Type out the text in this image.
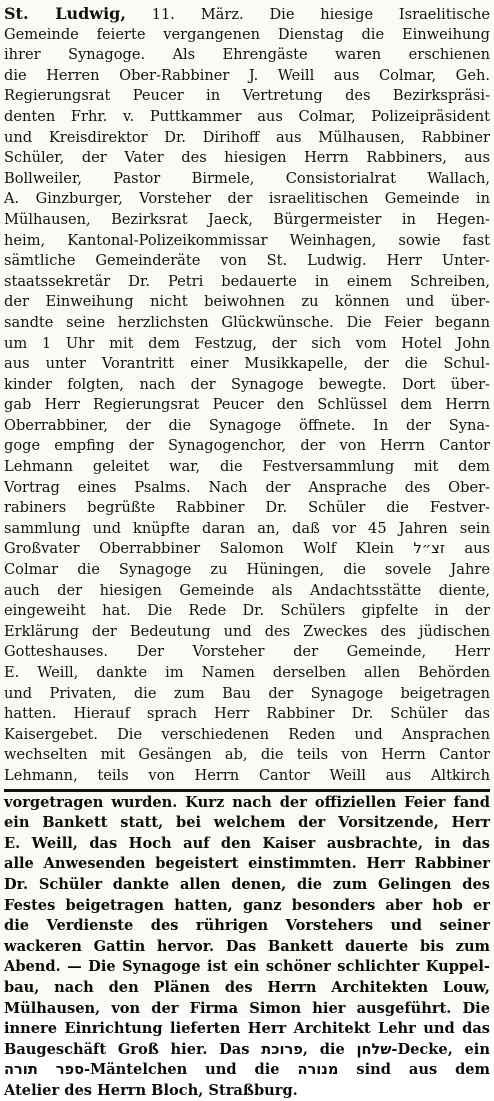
St. Ludwig, 11. März. Die hiesige Israelitische
Gemeinde feierte vergangenen Dienstag die Einweihung
ihrer Synagoge. Als Ehrengäste waren erschienen
die Herren Ober-Rabbiner J. Weill aus Colmar, Geh.
Regierungsrat Peucer in Vertretung des Bezirkspräsi-
denten Frhr. v. Puttkammer aus Colmar, Polizeipräsident
und Kreisdirektor Dr. Dirihoff aus Mülhausen, Rabbiner
Schüler, der Vater des hiesigen Herrn Rabbiners, aus
Bollweiler, Pastor Birmele, Consistorialrat Wallach,
A. Ginzburger, Vorsteher der israelitischen Gemeinde in
Mülhausen, Bezirksrat Jaeck, Bürgermeister in Hegen-
heim, Kantonal-Polizeikommissar Weinhagen, sowie fast
sämtliche Gemeinderäte von St. Ludwig. Herr Unter-
staatssekretär Dr. Petri bedauerte in einem Schreiben,
der Einweihung nicht beiwohnen zu können und über-
sandte seine herzlichsten Glückwünsche. Die Feier begann
um 1 Uhr mit dem Festzug, der sich vom Hotel John
aus unter Vorantritt einer Musikkapelle, der die Schul-
kinder folgten, nach der Synagoge bewegte. Dort über-
gab Herr Regierungsrat Peucer den Schlüssel dem Herrn
Oberrabbiner, der die Synagoge öffnete. In der Syna-
goge empfing der Synagogenchor, der von Herrn Cantor
Lehmann geleitet war, die Festversammlung mit dem
Vortrag eines Psalms. Nach der Ansprache des Ober-
rabiners begrüßte Rabbiner Dr. Schüler die Festver-
sammlung und knüpfte daran an, daß vor 45 Jahren sein
Großvater Oberrabbiner Salomon Wolf Klein זצ״ל aus
Colmar die Synagoge zu Hüningen, die sovele Jahre
auch der hiesigen Gemeinde als Andachtsstätte diente,
eingeweiht hat. Die Rede Dr. Schülers gipfelte in der
Erklärung der Bedeutung und des Zweckes des jüdischen
Gotteshauses. Der Vorsteher der Gemeinde, Herr
E. Weill, dankte im Namen derselben allen Behörden
und Privaten, die zum Bau der Synagoge beigetragen
hatten. Hierauf sprach Herr Rabbiner Dr. Schüler das
Kaisergebet. Die verschiedenen Reden und Ansprachen
wechselten mit Gesängen ab, die teils von Herrn Cantor
Lehmann, teils von Herrn Cantor Weill aus Altkirch
vorgetragen wurden. Kurz nach der offiziellen Feier fand
ein Bankett statt, bei welchem der Vorsitzende, Herr
E. Weill, das Hoch auf den Kaiser ausbrachte, in das
alle Anwesenden begeistert einstimmten. Herr Rabbiner
Dr. Schüler dankte allen denen, die zum Gelingen des
Festes beigetragen hatten, ganz besonders aber hob er
die Verdienste des rührigen Vorstehers und seiner
wackeren Gattin hervor. Das Bankett dauerte bis zum
Abend. — Die Synagoge ist ein schöner schlichter Kuppel-
bau, nach den Plänen des Herrn Architekten Louw,
Mülhausen, von der Firma Simon hier ausgeführt. Die
innere Einrichtung lieferten Herr Architekt Lehr und das
Baugeschäft Groß hier. Das פרוכת, die שלחן-Decke, ein
ספר תורה-Mäntelchen und die מנורה sind aus dem
Atelier des Herrn Bloch, Straßburg.
